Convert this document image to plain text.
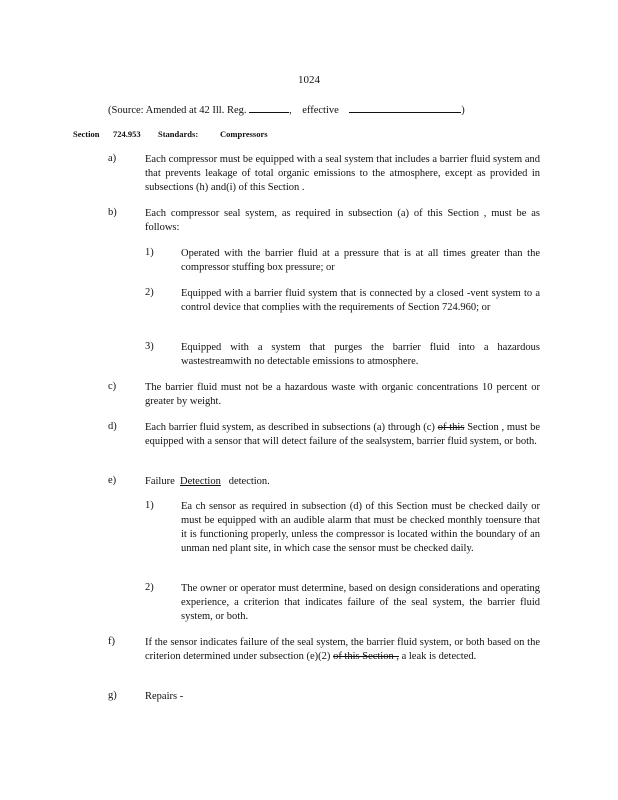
1024
(Source: Amended at 42 Ill. Reg.	, effective	)
Section 724.953 Standards:	Compressors
a)	Each compressor must be equipped with a seal system that includes a barrier fluid system and that prevents leakage of total organic emissions to the atmosphere, except as provided in subsections (h) and(i) of this Section .
b)	Each compressor seal system, as required in subsection (a) of this Section , must be as follows:
1)	Operated with the barrier fluid at a pressure that is at all times greater than the compressor stuffing box pressure; or
2)	Equipped with a barrier fluid system that is connected by a closed -vent system to a control device that complies with the requirements of Section 724.960; or
3)	Equipped with a system that purges the barrier fluid into a hazardous wastestreamwith no detectable emissions to atmosphere.
c)	The barrier fluid must not be a hazardous waste with organic concentrations 10 percent or greater by weight.
d)	Each barrier fluid system, as described in subsections (a) through (c) of this Section , must be equipped with a sensor that will detect failure of the sealsystem, barrier fluid system, or both.
e)	Failure Detection detection.
1)	Ea ch sensor as required in subsection (d) of this Section must be checked daily or must be equipped with an audible alarm that must be checked monthly toensure that it is functioning properly, unless the compressor is located within the boundary of an unman ned plant site, in which case the sensor must be checked daily.
2)	The owner or operator must determine, based on design considerations and operating experience, a criterion that indicates failure of the seal system, the barrier fluid system, or both.
f)	If the sensor indicates failure of the seal system, the barrier fluid system, or both based on the criterion determined under subsection (e)(2) of this Section , a leak is detected.
g)	Repairs -
